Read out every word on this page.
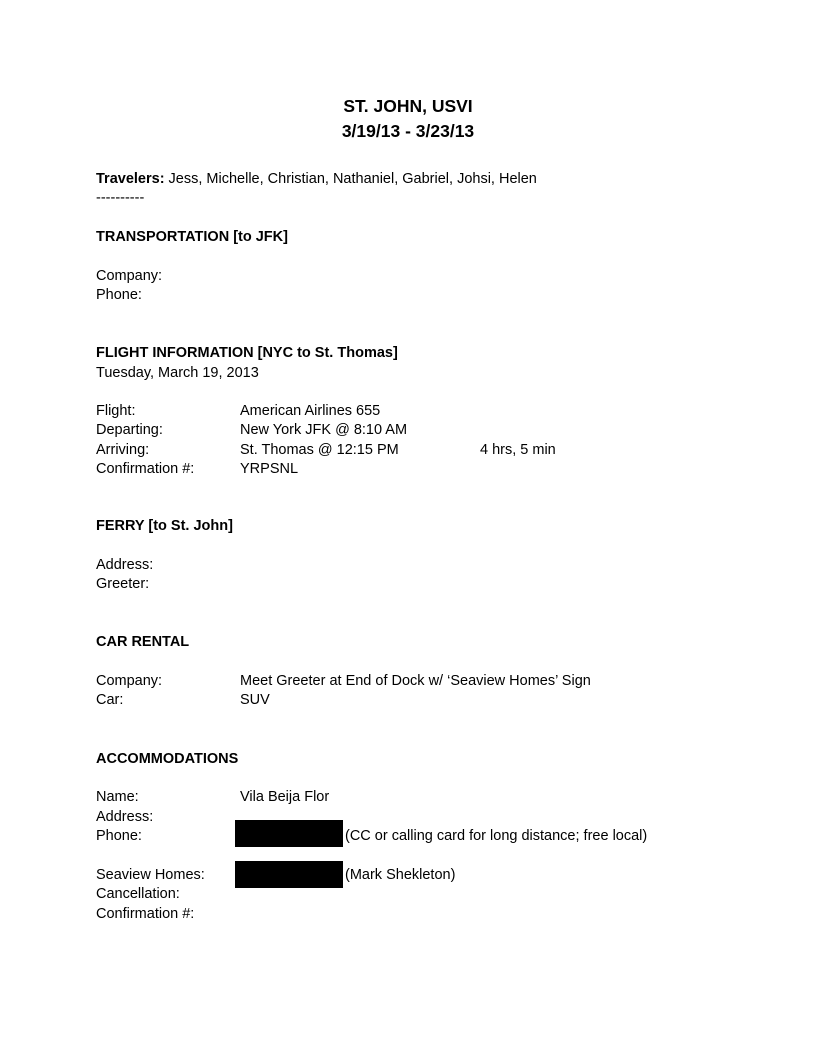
ST. JOHN, USVI
3/19/13 - 3/23/13
Travelers: Jess, Michelle, Christian, Nathaniel, Gabriel, Johsi, Helen
----------
TRANSPORTATION [to JFK]
Company:
Phone:
FLIGHT INFORMATION [NYC to St. Thomas]
Tuesday, March 19, 2013
Flight:	American Airlines 655
Departing:	New York JFK @ 8:10 AM
Arriving:	St. Thomas @ 12:15 PM	4 hrs, 5 min
Confirmation #:	YRPSNL
FERRY [to St. John]
Address:
Greeter:
CAR RENTAL
Company:	Meet Greeter at End of Dock w/ ‘Seaview Homes’ Sign
Car:	SUV
ACCOMMODATIONS
Name:	Vila Beija Flor
Address:
Phone:	(CC or calling card for long distance; free local)
Seaview Homes:	(Mark Shekleton)
Cancellation:
Confirmation #:
